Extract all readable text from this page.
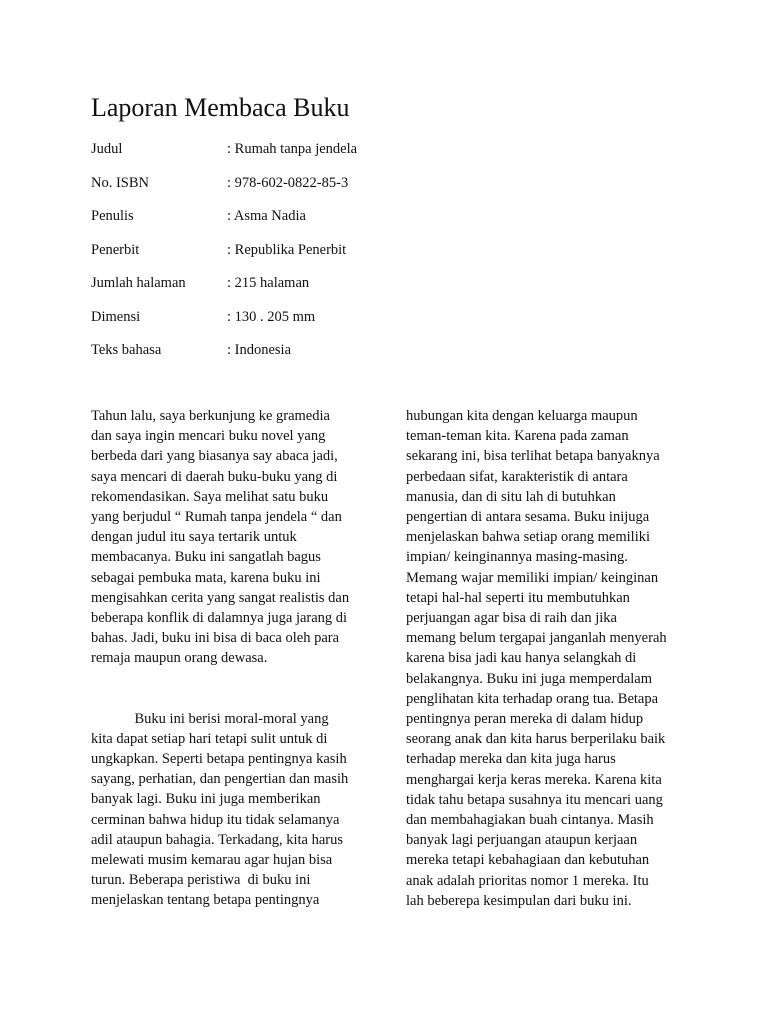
Laporan Membaca Buku
Judul	: Rumah tanpa jendela
No. ISBN	: 978-602-0822-85-3
Penulis	: Asma Nadia
Penerbit	: Republika Penerbit
Jumlah halaman	: 215 halaman
Dimensi	: 130 . 205 mm
Teks bahasa	: Indonesia
Tahun lalu, saya berkunjung ke gramedia
dan saya ingin mencari buku novel yang
berbeda dari yang biasanya say abaca jadi,
saya mencari di daerah buku-buku yang di
rekomendasikan. Saya melihat satu buku
yang berjudul “ Rumah tanpa jendela “ dan
dengan judul itu saya tertarik untuk
membacanya. Buku ini sangatlah bagus
sebagai pembuka mata, karena buku ini
mengisahkan cerita yang sangat realistis dan
beberapa konflik di dalamnya juga jarang di
bahas. Jadi, buku ini bisa di baca oleh para
remaja maupun orang dewasa.
Buku ini berisi moral-moral yang
kita dapat setiap hari tetapi sulit untuk di
ungkapkan. Seperti betapa pentingnya kasih
sayang, perhatian, dan pengertian dan masih
banyak lagi. Buku ini juga memberikan
cerminan bahwa hidup itu tidak selamanya
adil ataupun bahagia. Terkadang, kita harus
melewati musim kemarau agar hujan bisa
turun. Beberapa peristiwa  di buku ini
menjelaskan tentang betapa pentingnya
hubungan kita dengan keluarga maupun
teman-teman kita. Karena pada zaman
sekarang ini, bisa terlihat betapa banyaknya
perbedaan sifat, karakteristik di antara
manusia, dan di situ lah di butuhkan
pengertian di antara sesama. Buku inijuga
menjelaskan bahwa setiap orang memiliki
impian/ keinginannya masing-masing.
Memang wajar memiliki impian/ keinginan
tetapi hal-hal seperti itu membutuhkan
perjuangan agar bisa di raih dan jika
memang belum tergapai janganlah menyerah
karena bisa jadi kau hanya selangkah di
belakangnya. Buku ini juga memperdalam
penglihatan kita terhadap orang tua. Betapa
pentingnya peran mereka di dalam hidup
seorang anak dan kita harus berperilaku baik
terhadap mereka dan kita juga harus
menghargai kerja keras mereka. Karena kita
tidak tahu betapa susahnya itu mencari uang
dan membahagiakan buah cintanya. Masih
banyak lagi perjuangan ataupun kerjaan
mereka tetapi kebahagiaan dan kebutuhan
anak adalah prioritas nomor 1 mereka. Itu
lah beberepa kesimpulan dari buku ini.
